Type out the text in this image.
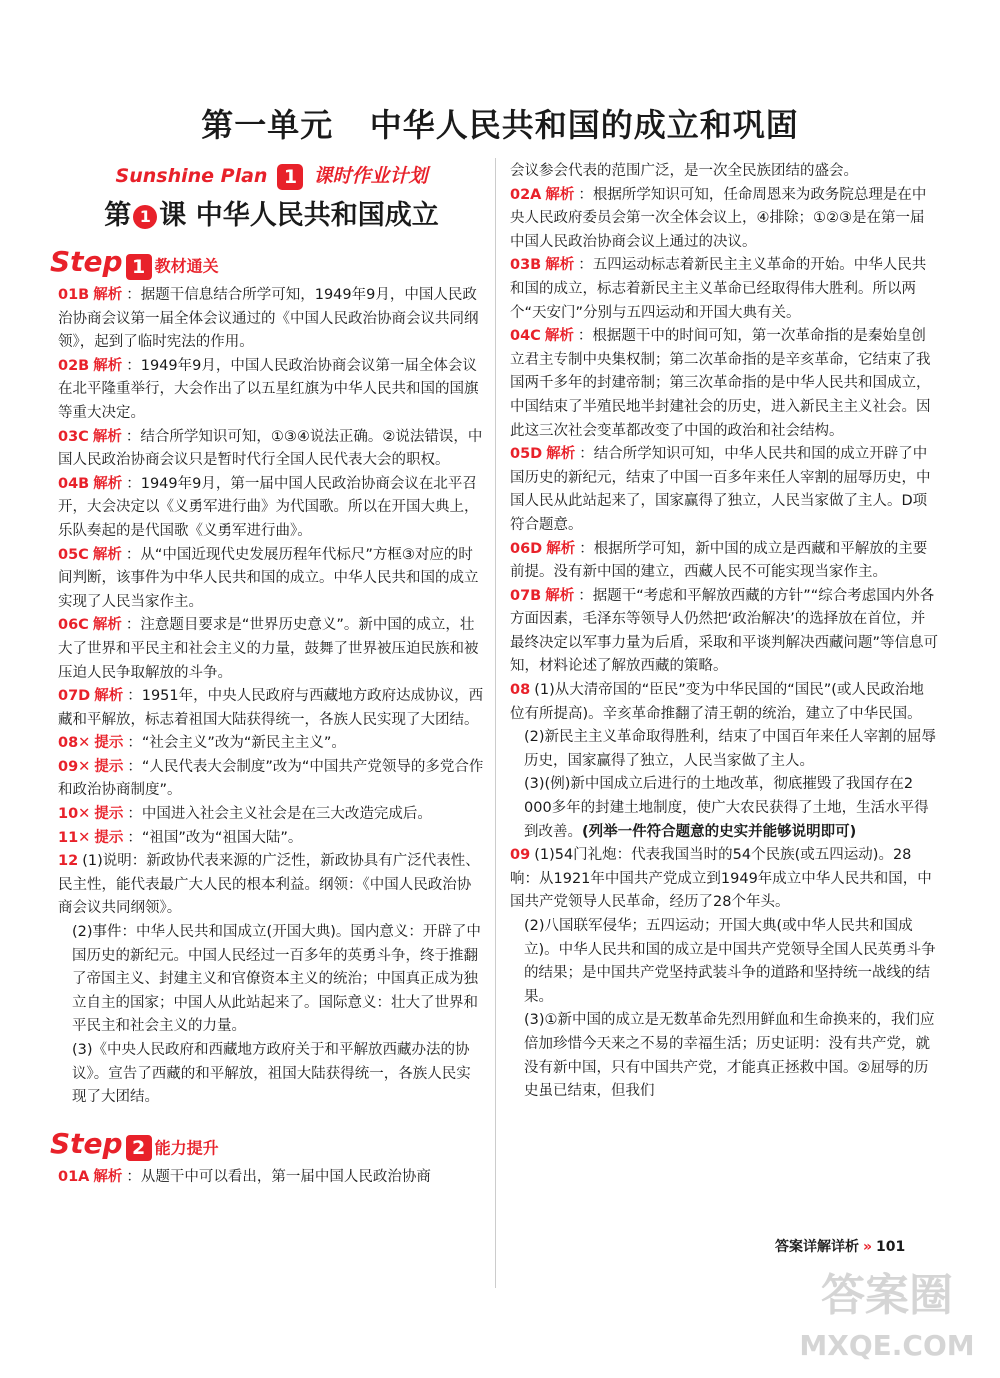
第一单元   中华人民共和国的成立和巩固
Sunshine Plan 1 课时作业计划
第 1 课 中华人民共和国成立
Step 1 教材通关

01B 解析 ：据题干信息结合所学可知，1949年9月，中国人民政治协商会议第一届全体会议通过的《中国人民政治协商会议共同纲领》，起到了临时宪法的作用。

02B 解析 ：1949年9月，中国人民政治协商会议第一届全体会议在北平隆重举行，大会作出了以五星红旗为中华人民共和国的国旗等重大决定。

03C 解析 ：结合所学知识可知，①③④说法正确。②说法错误，中国人民政治协商会议只是暂时代行全国人民代表大会的职权。

04B 解析 ：1949年9月，第一届中国人民政治协商会议在北平召开，大会决定以《义勇军进行曲》为代国歌。所以在开国大典上，乐队奏起的是代国歌《义勇军进行曲》。

05C 解析 ：从“中国近现代史发展历程年代标尺”方框③对应的时间判断，该事件为中华人民共和国的成立。中华人民共和国的成立实现了人民当家作主。

06C 解析 ：注意题目要求是“世界历史意义”。新中国的成立，壮大了世界和平民主和社会主义的力量，鼓舞了世界被压迫民族和被压迫人民争取解放的斗争。

07D 解析 ：1951年，中央人民政府与西藏地方政府达成协议，西藏和平解放，标志着祖国大陆获得统一，各族人民实现了大团结。

08✕ 提示 ：“社会主义”改为“新民主主义”。

09✕ 提示 ：“人民代表大会制度”改为“中国共产党领导的多党合作和政治协商制度”。

10✕ 提示 ：中国进入社会主义社会是在三大改造完成后。

11✕ 提示 ：“祖国”改为“祖国大陆”。

12 (1)说明：新政协代表来源的广泛性，新政协具有广泛代表性、民主性，能代表最广大人民的根本利益。纲领：《中国人民政治协商会议共同纲领》。

(2)事件：中华人民共和国成立(开国大典)。国内意义：开辟了中国历史的新纪元。中国人民经过一百多年的英勇斗争，终于推翻了帝国主义、封建主义和官僚资本主义的统治；中国真正成为独立自主的国家；中国人从此站起来了。国际意义：壮大了世界和平民主和社会主义的力量。

(3)《中央人民政府和西藏地方政府关于和平解放西藏办法的协议》。宣告了西藏的和平解放，祖国大陆获得统一，各族人民实现了大团结。

Step 2 能力提升

01A 解析 ：从题干中可以看出，第一届中国人民政治协商

会议参会代表的范围广泛，是一次全民族团结的盛会。

02A 解析 ：根据所学知识可知，任命周恩来为政务院总理是在中央人民政府委员会第一次全体会议上，④排除；①②③是在第一届中国人民政治协商会议上通过的决议。

03B 解析 ：五四运动标志着新民主主义革命的开始。中华人民共和国的成立，标志着新民主主义革命已经取得伟大胜利。所以两个“天安门”分别与五四运动和开国大典有关。

04C 解析 ：根据题干中的时间可知，第一次革命指的是秦始皇创立君主专制中央集权制；第二次革命指的是辛亥革命，它结束了我国两千多年的封建帝制；第三次革命指的是中华人民共和国成立，中国结束了半殖民地半封建社会的历史，进入新民主主义社会。因此这三次社会变革都改变了中国的政治和社会结构。

05D 解析 ：结合所学知识可知，中华人民共和国的成立开辟了中国历史的新纪元，结束了中国一百多年来任人宰割的屈辱历史，中国人民从此站起来了，国家赢得了独立，人民当家做了主人。D项符合题意。

06D 解析 ：根据所学可知，新中国的成立是西藏和平解放的主要前提。没有新中国的建立，西藏人民不可能实现当家作主。

07B 解析 ：据题干“考虑和平解放西藏的方针”“综合考虑国内外各方面因素，毛泽东等领导人仍然把‘政治解决’的选择放在首位，并最终决定以军事力量为后盾，采取和平谈判解决西藏问题”等信息可知，材料论述了解放西藏的策略。

08 (1)从大清帝国的“臣民”变为中华民国的“国民”(或人民政治地位有所提高)。辛亥革命推翻了清王朝的统治，建立了中华民国。

(2)新民主主义革命取得胜利，结束了中国百年来任人宰割的屈辱历史，国家赢得了独立，人民当家做了主人。

(3)(例)新中国成立后进行的土地改革，彻底摧毁了我国存在2 000多年的封建土地制度，使广大农民获得了土地，生活水平得到改善。(列举一件符合题意的史实并能够说明即可)

09 (1)54门礼炮：代表我国当时的54个民族(或五四运动)。28响：从1921年中国共产党成立到1949年成立中华人民共和国，中国共产党领导人民革命，经历了28个年头。

(2)八国联军侵华；五四运动；开国大典(或中华人民共和国成立)。中华人民共和国的成立是中国共产党领导全国人民英勇斗争的结果；是中国共产党坚持武装斗争的道路和坚持统一战线的结果。

(3)①新中国的成立是无数革命先烈用鲜血和生命换来的，我们应倍加珍惜今天来之不易的幸福生活；历史证明：没有共产党，就没有新中国，只有中国共产党，才能真正拯救中国。②屈辱的历史虽已结束，但我们

答案详解详析 » 101
答案圈
MXQE.COM
